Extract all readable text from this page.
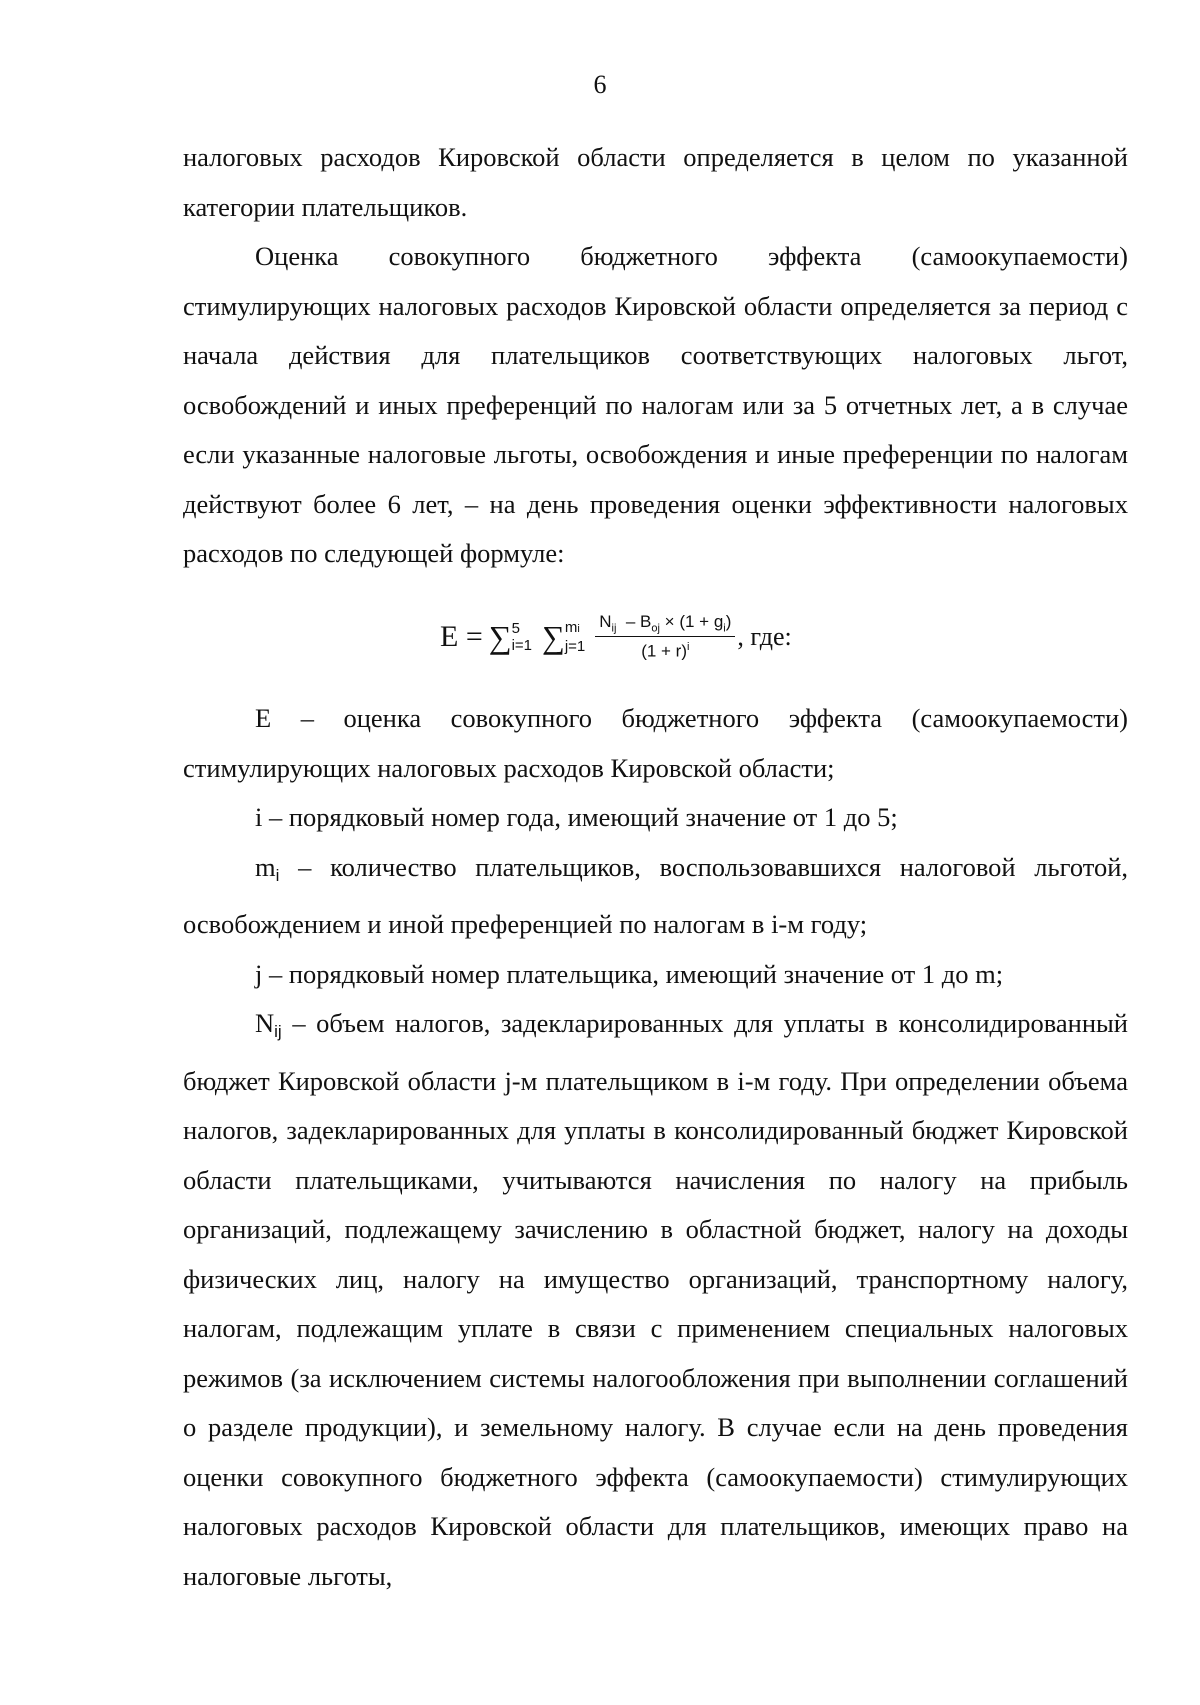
6

налоговых расходов Кировской области определяется в целом по указанной категории плательщиков.

Оценка совокупного бюджетного эффекта (самоокупаемости) стимулирующих налоговых расходов Кировской области определяется за период с начала действия для плательщиков соответствующих налоговых льгот, освобождений и иных преференций по налогам или за 5 отчетных лет, а в случае если указанные налоговые льготы, освобождения и иные преференции по налогам действуют более 6 лет, – на день проведения оценки эффективности налоговых расходов по следующей формуле:

E = ∑ 5
i=1 ∑ mi
$j=1 \frac{N_{ij} - B_{oj} \times (1 + g_i)}{(1 + r)^i}$ , где:

E – оценка совокупного бюджетного эффекта (самоокупаемости) стимулирующих налоговых расходов Кировской области;

i – порядковый номер года, имеющий значение от 1 до 5;

mi – количество плательщиков, воспользовавшихся налоговой льготой, освобождением и иной преференцией по налогам в i-м году;

j – порядковый номер плательщика, имеющий значение от 1 до m;

Nij – объем налогов, задекларированных для уплаты в консолидированный бюджет Кировской области j-м плательщиком в i-м году. При определении объема налогов, задекларированных для уплаты в консолидированный бюджет Кировской области плательщиками, учитываются начисления по налогу на прибыль организаций, подлежащему зачислению в областной бюджет, налогу на доходы физических лиц, налогу на имущество организаций, транспортному налогу, налогам, подлежащим уплате в связи с применением специальных налоговых режимов (за исключением системы налогообложения при выполнении соглашений о разделе продукции), и земельному налогу. В случае если на день проведения оценки совокупного бюджетного эффекта (самоокупаемости) стимулирующих налоговых расходов Кировской области для плательщиков, имеющих право на налоговые льготы,
